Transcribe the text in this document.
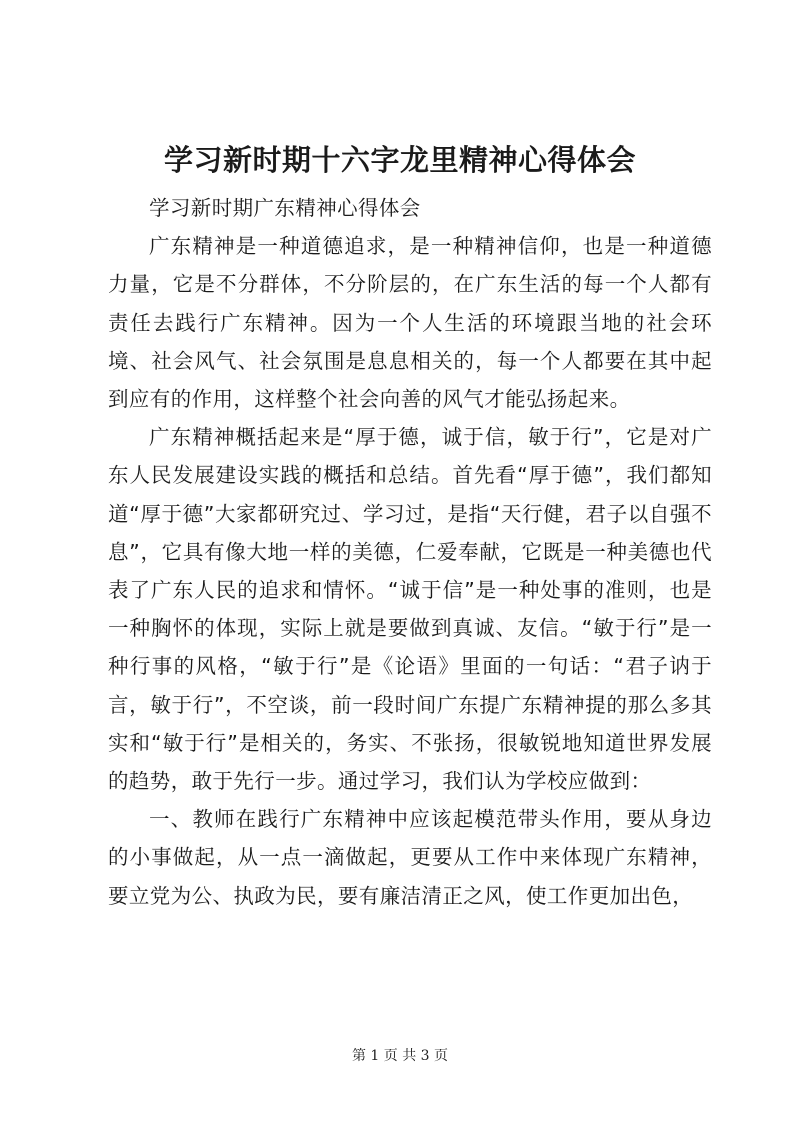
学习新时期十六字龙里精神心得体会

学习新时期广东精神心得体会

广东精神是一种道德追求，是一种精神信仰，也是一种道德力量，它是不分群体，不分阶层的，在广东生活的每一个人都有责任去践行广东精神。因为一个人生活的环境跟当地的社会环境、社会风气、社会氛围是息息相关的，每一个人都要在其中起到应有的作用，这样整个社会向善的风气才能弘扬起来。

广东精神概括起来是“厚于德，诚于信，敏于行”，它是对广东人民发展建设实践的概括和总结。首先看“厚于德”，我们都知道“厚于德”大家都研究过、学习过，是指“天行健，君子以自强不息”，它具有像大地一样的美德，仁爱奉献，它既是一种美德也代表了广东人民的追求和情怀。“诚于信”是一种处事的准则，也是一种胸怀的体现，实际上就是要做到真诚、友信。“敏于行”是一种行事的风格，“敏于行”是《论语》里面的一句话：“君子讷于言，敏于行”，不空谈，前一段时间广东提广东精神提的那么多其实和“敏于行”是相关的，务实、不张扬，很敏锐地知道世界发展的趋势，敢于先行一步。通过学习，我们认为学校应做到：

一、教师在践行广东精神中应该起模范带头作用，要从身边的小事做起，从一点一滴做起，更要从工作中来体现广东精神，要立党为公、执政为民，要有廉洁清正之风，使工作更加出色，

第 1 页 共 3 页
